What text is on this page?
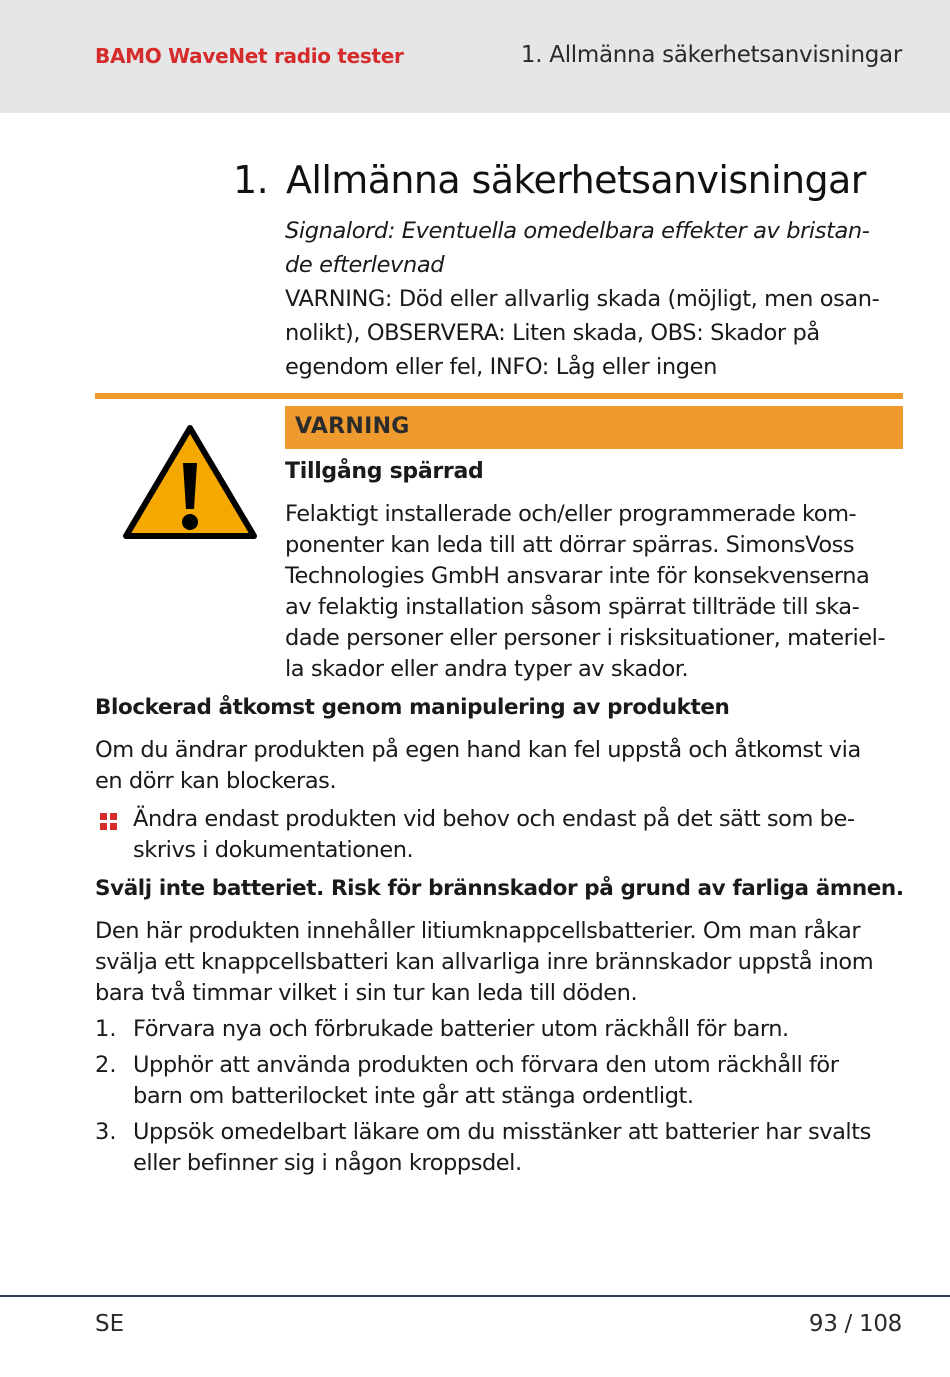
BAMO WaveNet radio tester	1. Allmänna säkerhetsanvisningar
1. Allmänna säkerhetsanvisningar
Signalord: Eventuella omedelbara effekter av bristan-
de efterlevnad
VARNING: Död eller allvarlig skada (möjligt, men osan-
nolikt), OBSERVERA: Liten skada, OBS: Skador på
egendom eller fel, INFO: Låg eller ingen
VARNING
Tillgång spärrad
Felaktigt installerade och/eller programmerade kom-
ponenter kan leda till att dörrar spärras. SimonsVoss
Technologies GmbH ansvarar inte för konsekvenserna
av felaktig installation såsom spärrat tillträde till ska-
dade personer eller personer i risksituationer, materiel-
la skador eller andra typer av skador.
Blockerad åtkomst genom manipulering av produkten
Om du ändrar produkten på egen hand kan fel uppstå och åtkomst via
en dörr kan blockeras.
Ändra endast produkten vid behov och endast på det sätt som be-
skrivs i dokumentationen.
Svälj inte batteriet. Risk för brännskador på grund av farliga ämnen.
Den här produkten innehåller litiumknappcellsbatterier. Om man råkar
svälja ett knappcellsbatteri kan allvarliga inre brännskador uppstå inom
bara två timmar vilket i sin tur kan leda till döden.
1. Förvara nya och förbrukade batterier utom räckhåll för barn.
2. Upphör att använda produkten och förvara den utom räckhåll för
barn om batterilocket inte går att stänga ordentligt.
3. Uppsök omedelbart läkare om du misstänker att batterier har svalts
eller befinner sig i någon kroppsdel.
SE	93 / 108
